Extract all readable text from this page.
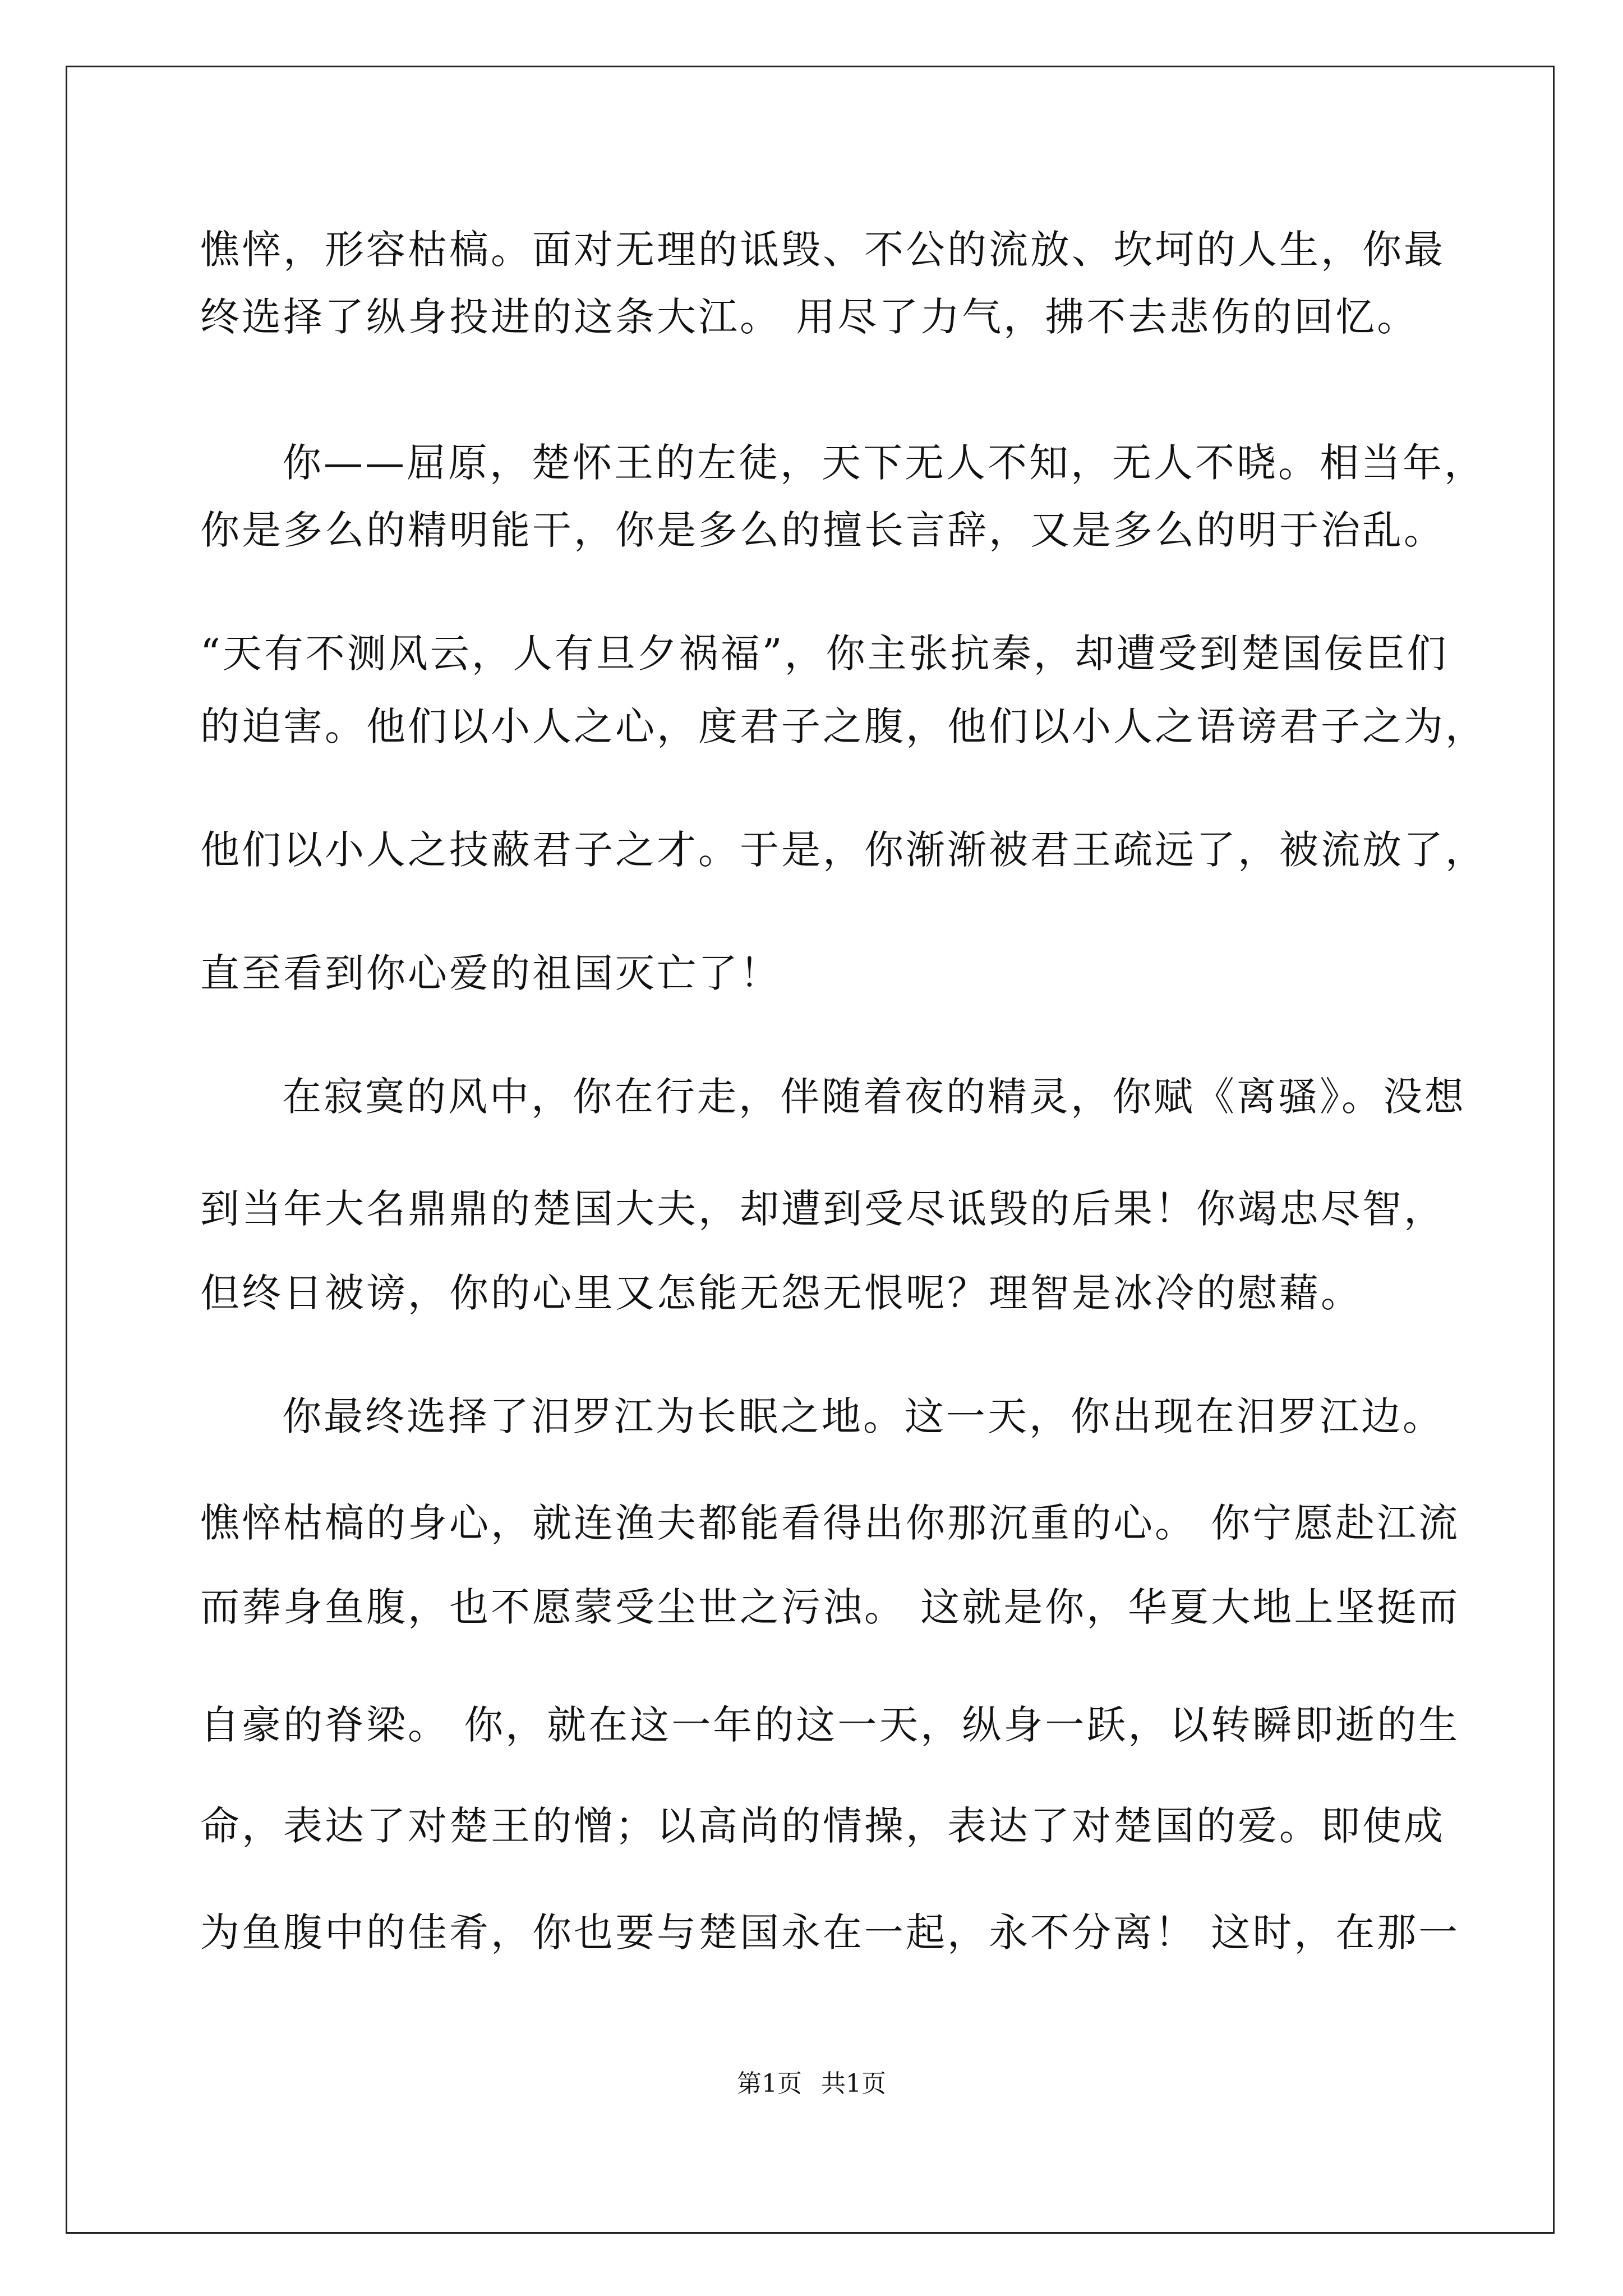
憔悴，形容枯槁。面对无理的诋毁、不公的流放、坎坷的人生，你最
终选择了纵身投进的这条大江。 用尽了力气，拂不去悲伤的回忆。
你——屈原，楚怀王的左徒，天下无人不知，无人不晓。相当年，
你是多么的精明能干，你是多么的擅长言辞，又是多么的明于治乱。
“天有不测风云，人有旦夕祸福”，你主张抗秦，却遭受到楚国佞臣们
的迫害。他们以小人之心，度君子之腹，他们以小人之语谤君子之为，
他们以小人之技蔽君子之才。于是，你渐渐被君王疏远了，被流放了，
直至看到你心爱的祖国灭亡了！
在寂寞的风中，你在行走，伴随着夜的精灵，你赋《离骚》。没想
到当年大名鼎鼎的楚国大夫，却遭到受尽诋毁的后果！你竭忠尽智，
但终日被谤，你的心里又怎能无怨无恨呢？理智是冰冷的慰藉。
你最终选择了汨罗江为长眠之地。这一天，你出现在汨罗江边。
憔悴枯槁的身心，就连渔夫都能看得出你那沉重的心。 你宁愿赴江流
而葬身鱼腹，也不愿蒙受尘世之污浊。 这就是你，华夏大地上坚挺而
自豪的脊梁。 你，就在这一年的这一天，纵身一跃，以转瞬即逝的生
命，表达了对楚王的憎；以高尚的情操，表达了对楚国的爱。即使成
为鱼腹中的佳肴，你也要与楚国永在一起，永不分离！ 这时，在那一
第1页 共1页
